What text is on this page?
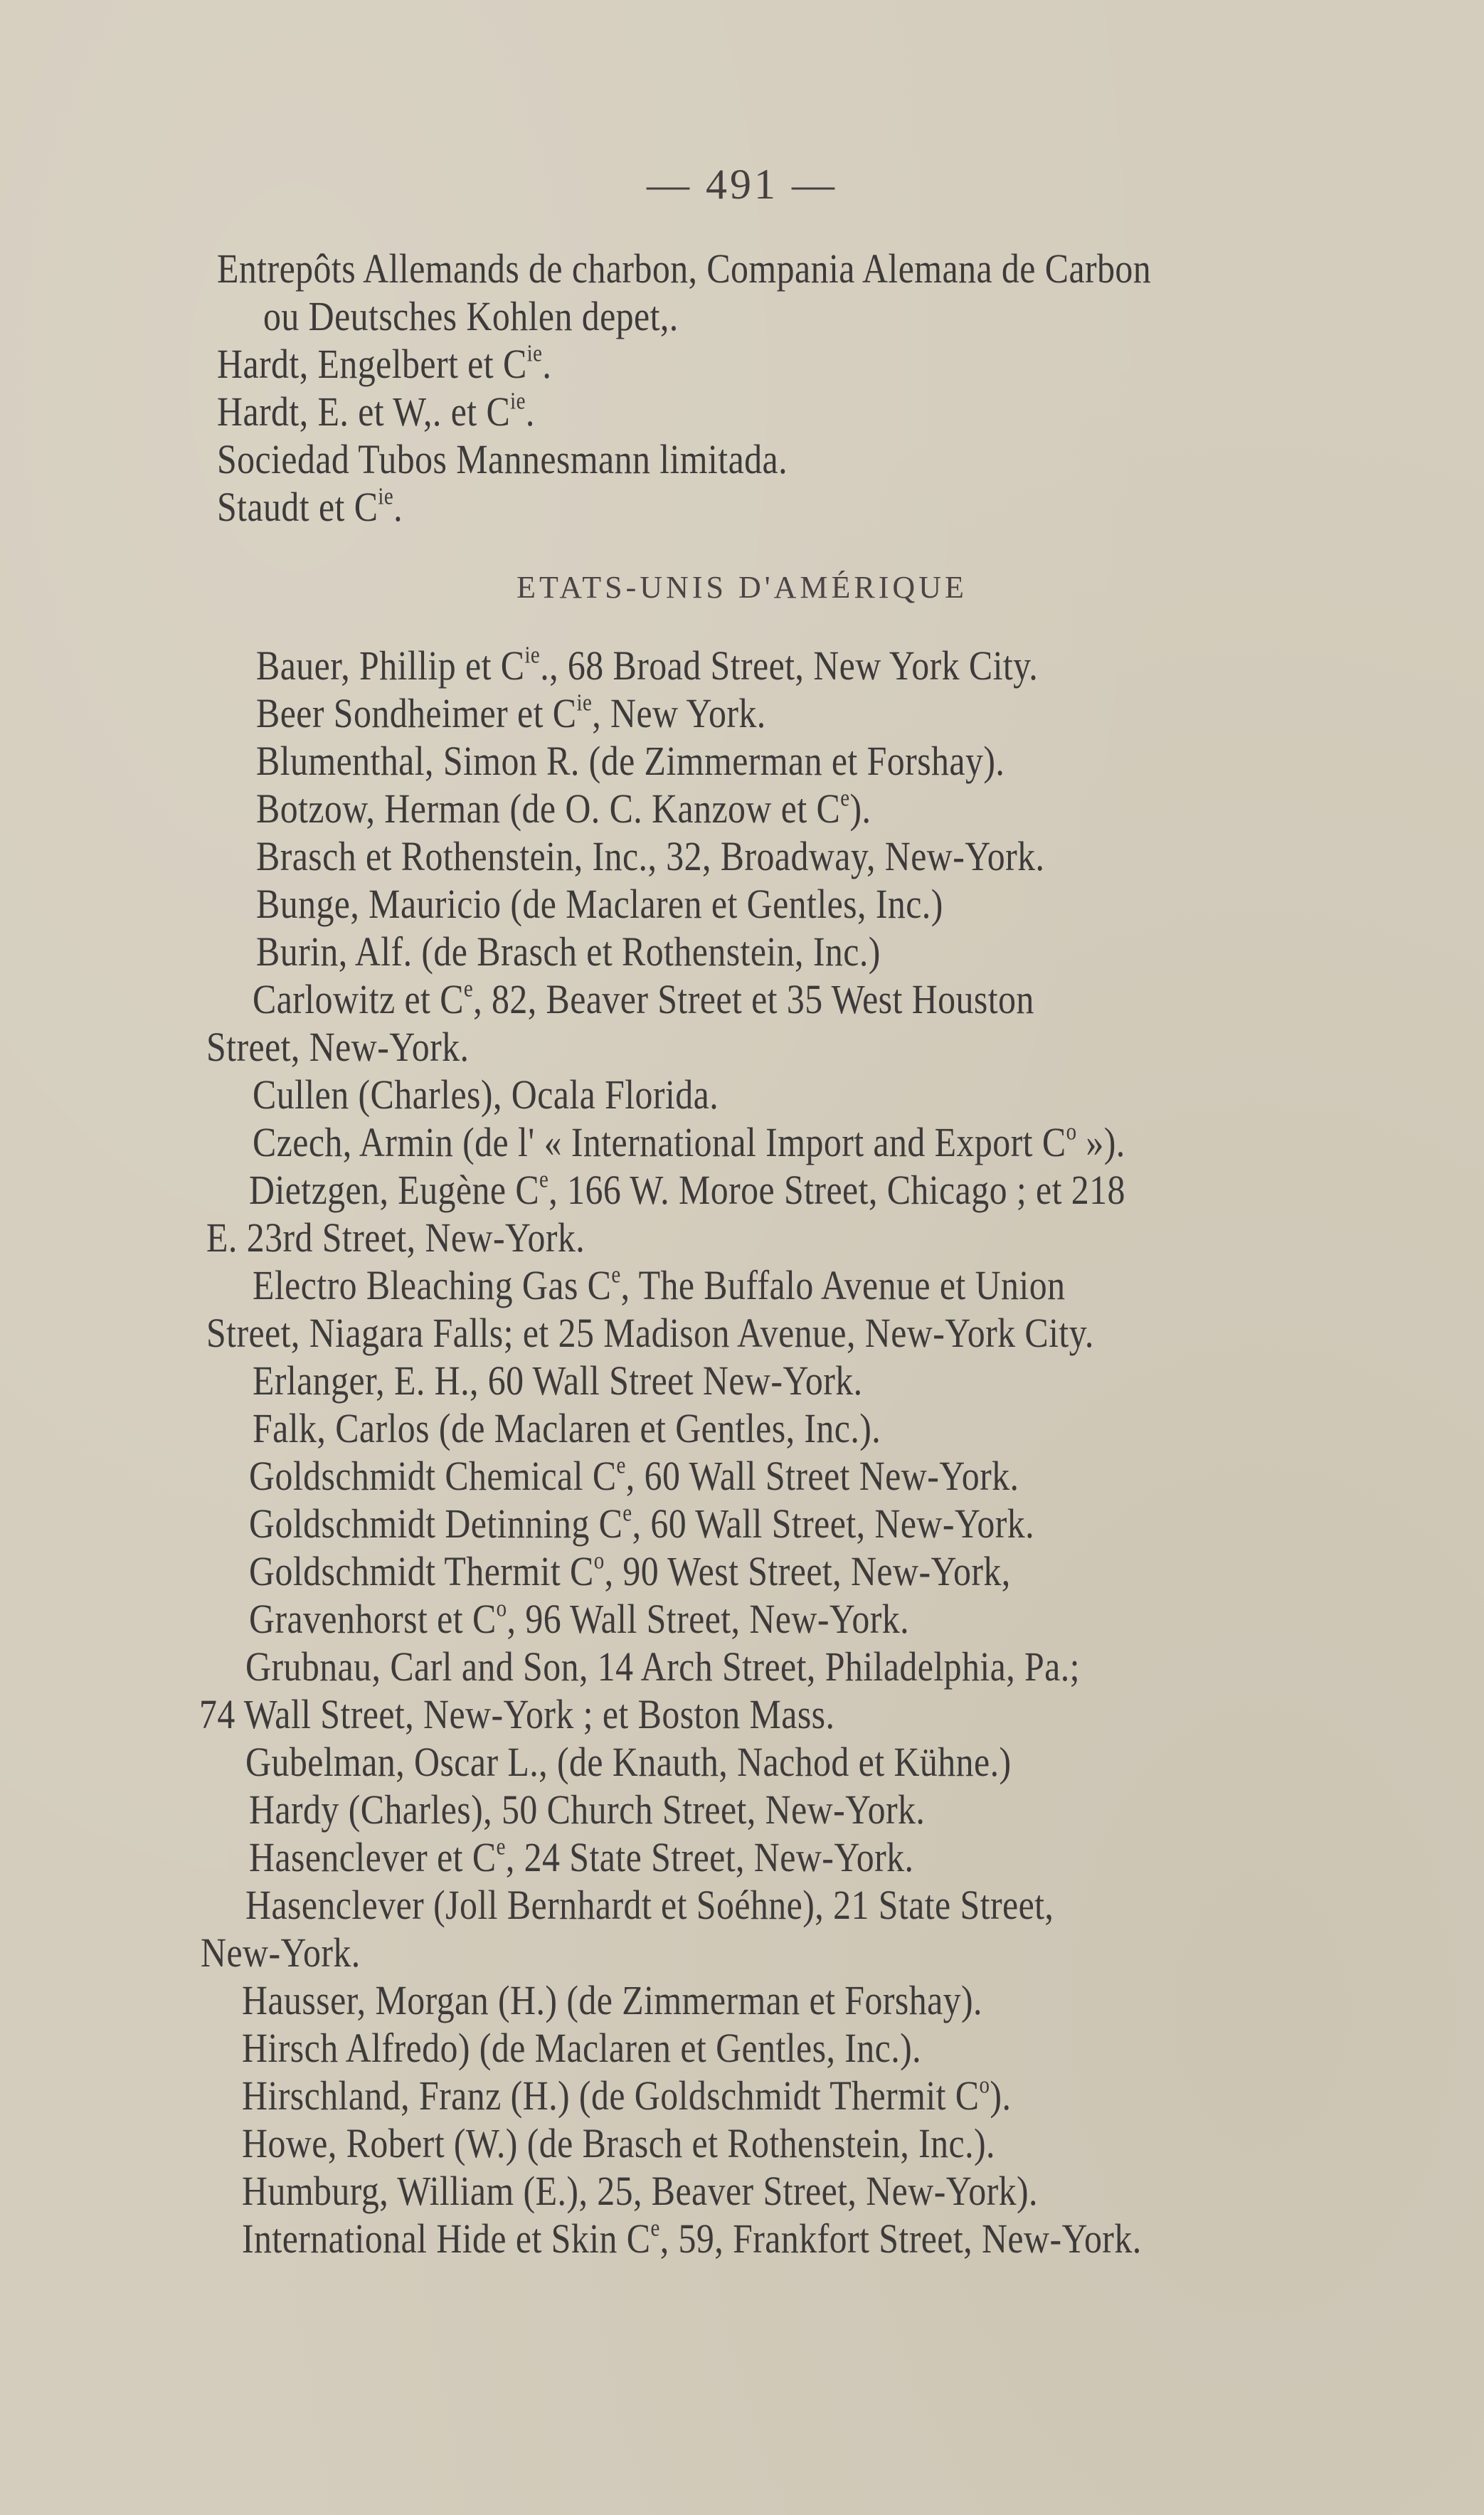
— 491 —
Entrepôts Allemands de charbon, Compania Alemana de Carbon
ou Deutsches Kohlen depet,.
Hardt, Engelbert et $C^{ie}$.
Hardt, E. et W,. et $C^{ie}$.
Sociedad Tubos Mannesmann limitada.
Staudt et $C^{ie}$.
ETATS-UNIS D'AMÉRIQUE
Bauer, Phillip et $C^{ie}$., 68 Broad Street, New York City.
Beer Sondheimer et $C^{ie}$, New York.
Blumenthal, Simon R. (de Zimmerman et Forshay).
Botzow, Herman (de O. C. Kanzow et Ce).
Brasch et Rothenstein, Inc., 32, Broadway, New-York.
Bunge, Mauricio (de Maclaren et Gentles, Inc.)
Burin, Alf. (de Brasch et Rothenstein, Inc.)
Carlowitz et Ce, 82, Beaver Street et 35 West Houston
Street, New-York.
Cullen (Charles), Ocala Florida.
Czech, Armin (de l' « International Import and Export $C^o$ »).
Dietzgen, Eugène Ce, 166 W. Moroe Street, Chicago ; et 218
E. 23rd Street, New-York.
Electro Bleaching Gas Ce, The Buffalo Avenue et Union
Street, Niagara Falls; et 25 Madison Avenue, New-York City.
Erlanger, E. H., 60 Wall Street New-York.
Falk, Carlos (de Maclaren et Gentles, Inc.).
Goldschmidt Chemical Ce, 60 Wall Street New-York.
Goldschmidt Detinning Ce, 60 Wall Street, New-York.
Goldschmidt Thermit $C^o$, 90 West Street, New-York,
Gravenhorst et $C^o$, 96 Wall Street, New-York.
Grubnau, Carl and Son, 14 Arch Street, Philadelphia, Pa.;
74 Wall Street, New-York ; et Boston Mass.
Gubelman, Oscar L., (de Knauth, Nachod et Kühne.)
Hardy (Charles), 50 Church Street, New-York.
Hasenclever et Ce, 24 State Street, New-York.
Hasenclever (Joll Bernhardt et Soéhne), 21 State Street,
New-York.
Hausser, Morgan (H.) (de Zimmerman et Forshay).
Hirsch Alfredo) (de Maclaren et Gentles, Inc.).
Hirschland, Franz (H.) (de Goldschmidt Thermit $C^o$).
Howe, Robert (W.) (de Brasch et Rothenstein, Inc.).
Humburg, William (E.), 25, Beaver Street, New-York).
International Hide et Skin Ce, 59, Frankfort Street, New-York.
